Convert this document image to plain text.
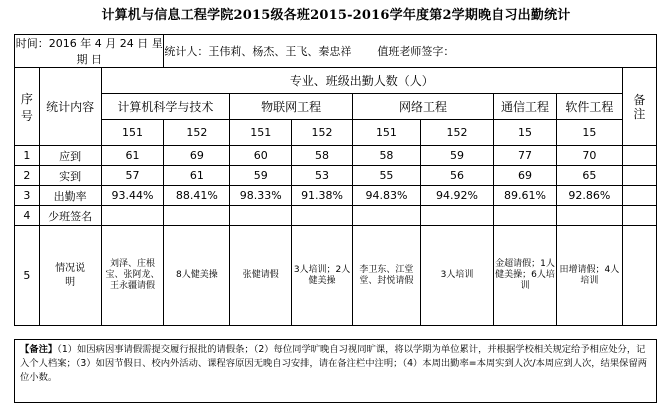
计算机与信息工程学院2015级各班2015-2016学年度第2学期晚自习出勤统计
时间：2016 年 4 月 24 日 星期 日			统计人：王伟莉、杨杰、王飞、秦忠祥 值班老师签字：							

序号	统计内容	专业、班级出勤人数（人）								备注

		计算机科学与技术		物联网工程		网络工程		通信工程	软件工程	
		151	152	151	152	151	152	15	15	
1	应到	61	69	60	58	58	59	77	70	
2	实到	57	61	59	53	55	56	69	65	
3	出勤率	93.44%	88.41%	98.33%	91.38%	94.83%	94.92%	89.61%	92.86%	
4	少班签名									
5	情况说明	刘泽、庄根宝、张阿龙、王永疆请假	8人健美操	张健请假	3人培训；2人健美操	李卫东、江堂堂、封悦请假	3人培训	金超请假；1人健美操；6人培训	田增请假；4人培训	

【备注】（1）如因病因事请假需提交履行报批的请假条；（2）每位同学旷晚自习视同旷课，将以学期为单位累计，并根据学校相关规定给予相应处分，记入个人档案；（3）如因节假日、校内外活动、课程容原因无晚自习安排，请在备注栏中注明；（4）本周出勤率=本周实到人次/本周应到人次，结果保留两位小数。
